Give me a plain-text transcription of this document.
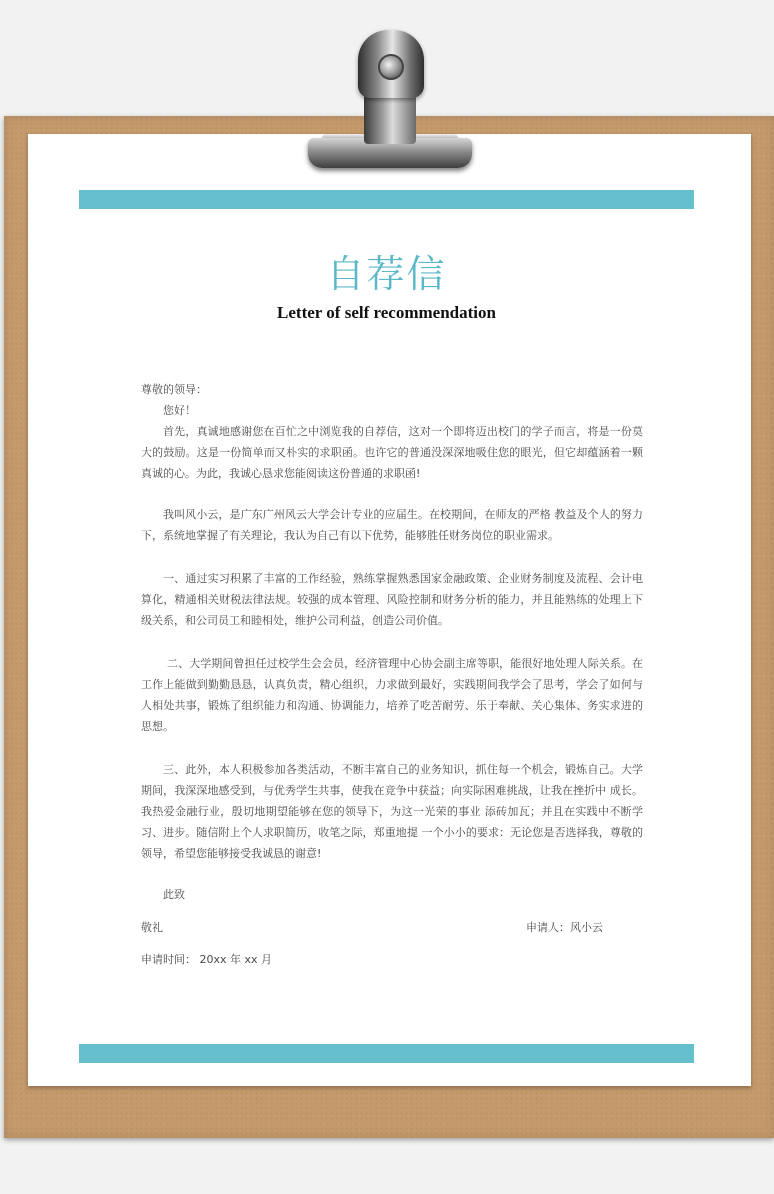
自荐信
Letter of self recommendation

尊敬的领导：

您好！

首先，真诚地感谢您在百忙之中浏览我的自荐信，这对一个即将迈出校门的学子而言，将是一份莫大的鼓励。这是一份简单而又朴实的求职函。也许它的普通没深深地吸住您的眼光，但它却蕴涵着一颗真诚的心。为此，我诚心恳求您能阅读这份普通的求职函!

我叫风小云，是广东广州风云大学会计专业的应届生。在校期间，在师友的严格 教益及个人的努力下，系统地掌握了有关理论，我认为自己有以下优势，能够胜任财务岗位的职业需求。

一、通过实习积累了丰富的工作经验，熟练掌握熟悉国家金融政策、企业财务制度及流程、会计电算化，精通相关财税法律法规。较强的成本管理、风险控制和财务分析的能力，并且能熟练的处理上下级关系，和公司员工和睦相处，维护公司利益，创造公司价值。

二、大学期间曾担任过校学生会会员，经济管理中心协会副主席等职，能很好地处理人际关系。在工作上能做到勤勤恳恳，认真负责，精心组织，力求做到最好，实践期间我学会了思考，学会了如何与人相处共事，锻炼了组织能力和沟通、协调能力，培养了吃苦耐劳、乐于奉献、关心集体、务实求进的思想。

三、此外，本人积极参加各类活动，不断丰富自己的业务知识，抓住每一个机会，锻炼自己。大学期间，我深深地感受到，与优秀学生共事，使我在竞争中获益；向实际困难挑战，让我在挫折中 成长。我热爱金融行业，殷切地期望能够在您的领导下，为这一光荣的事业 添砖加瓦；并且在实践中不断学习、进步。随信附上个人求职简历，收笔之际，郑重地提 一个小小的要求：无论您是否选择我，尊敬的领导，希望您能够接受我诚恳的谢意!

此致

敬礼	申请人：风小云

申请时间： 20xx 年 xx 月
